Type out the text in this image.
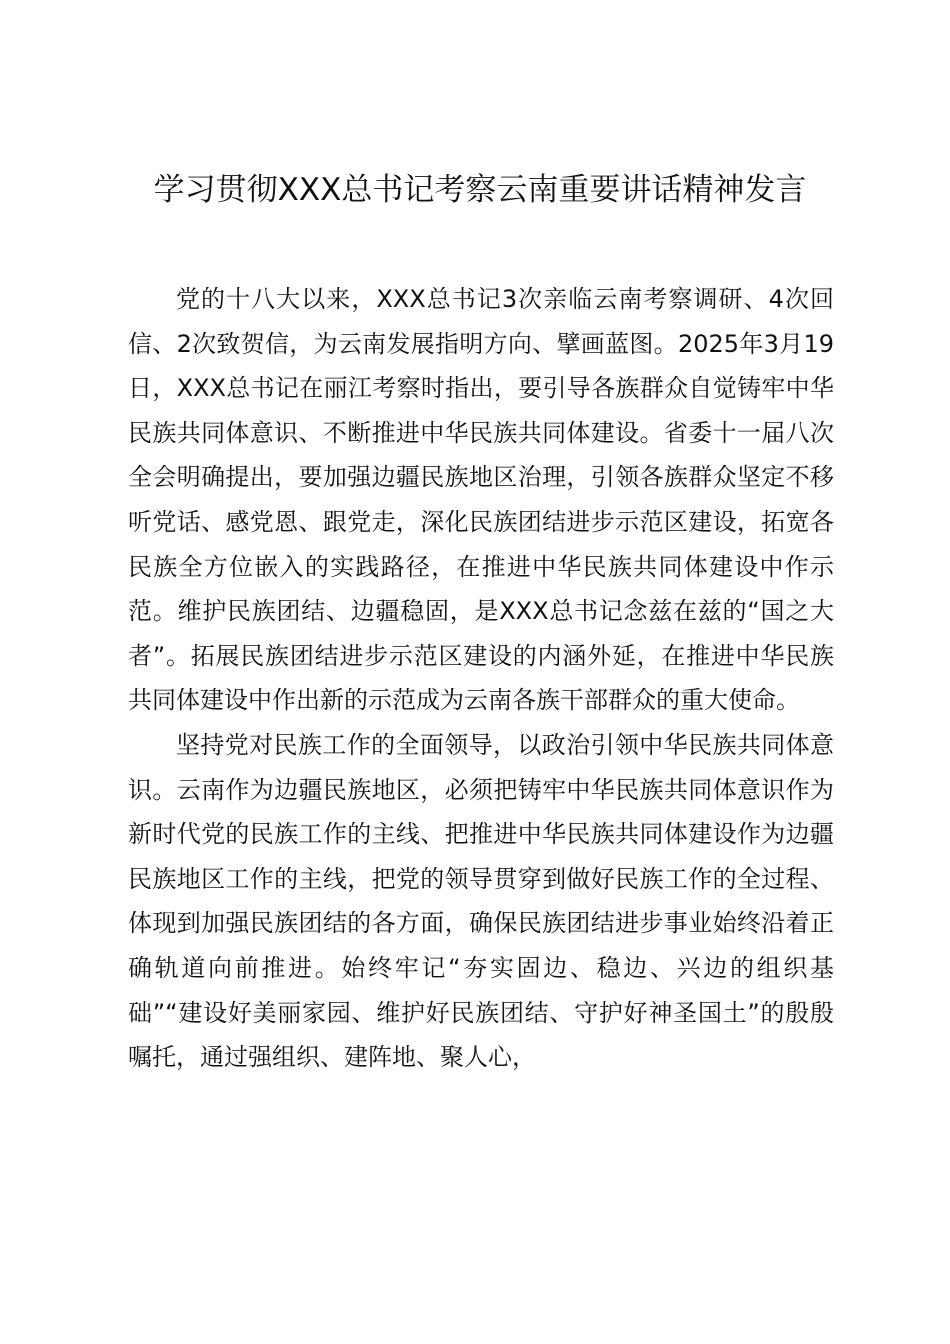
学习贯彻XXX总书记考察云南重要讲话精神发言

党的十八大以来，XXX总书记3次亲临云南考察调研、4次回信、2次致贺信，为云南发展指明方向、擘画蓝图。2025年3月19日，XXX总书记在丽江考察时指出，要引导各族群众自觉铸牢中华民族共同体意识、不断推进中华民族共同体建设。省委十一届八次全会明确提出，要加强边疆民族地区治理，引领各族群众坚定不移听党话、感党恩、跟党走，深化民族团结进步示范区建设，拓宽各民族全方位嵌入的实践路径，在推进中华民族共同体建设中作示范。维护民族团结、边疆稳固，是XXX总书记念兹在兹的“国之大者”。拓展民族团结进步示范区建设的内涵外延，在推进中华民族共同体建设中作出新的示范成为云南各族干部群众的重大使命。

坚持党对民族工作的全面领导，以政治引领中华民族共同体意识。云南作为边疆民族地区，必须把铸牢中华民族共同体意识作为新时代党的民族工作的主线、把推进中华民族共同体建设作为边疆民族地区工作的主线，把党的领导贯穿到做好民族工作的全过程、体现到加强民族团结的各方面，确保民族团结进步事业始终沿着正确轨道向前推进。始终牢记“夯实固边、稳边、兴边的组织基础”“建设好美丽家园、维护好民族团结、守护好神圣国土”的殷殷嘱托，通过强组织、建阵地、聚人心，
